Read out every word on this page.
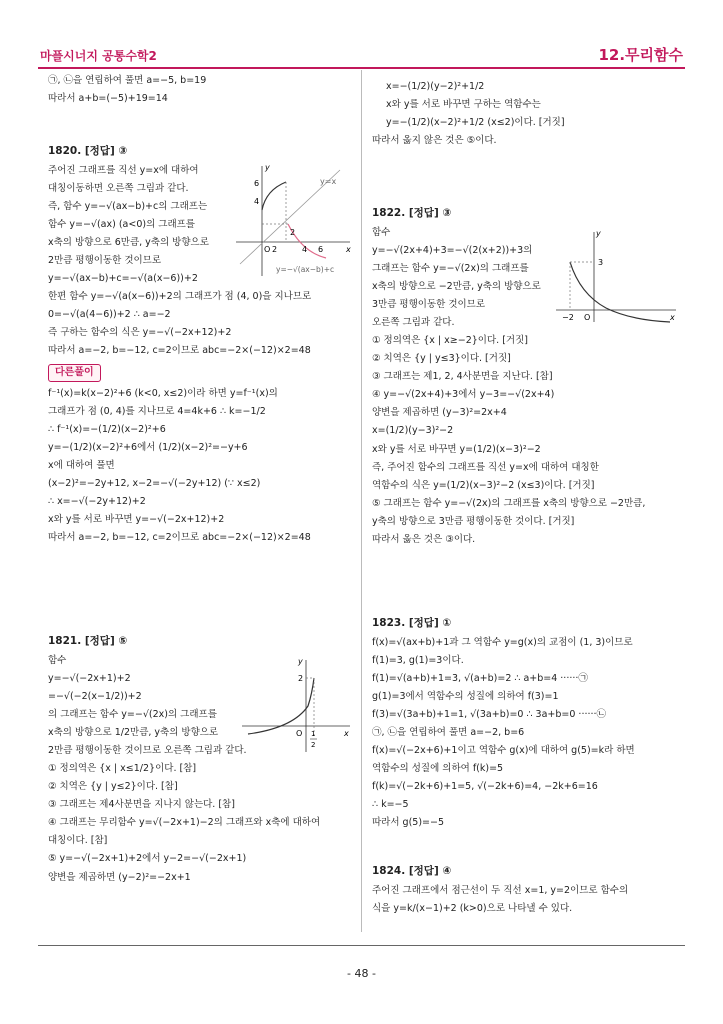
마플시너지 공통수학2	12.무리함수
㉠, ㉡을 연립하여 풀면 a=−5, b=19
따라서 a+b=(−5)+19=14
1820. [정답] ③
주어진 그래프를 직선 y=x에 대하여
대칭이동하면 오른쪽 그림과 같다.
즉, 함수 y=−√(ax−b)+c의 그래프는
함수 y=−√(ax) (a<0)의 그래프를
x축의 방향으로 6만큼, y축의 방향으로
2만큼 평행이동한 것이므로
y=−√(ax−b)+c=−√(a(x−6))+2
한편 함수 y=−√(a(x−6))+2의 그래프가 점 (4, 0)을 지나므로
0=−√(a(4−6))+2 ∴ a=−2
즉 구하는 함수의 식은 y=−√(−2x+12)+2
따라서 a=−2, b=−12, c=2이므로 abc=−2×(−12)×2=48
다른풀이
f⁻¹(x)=k(x−2)²+6 (k<0, x≤2)이라 하면 y=f⁻¹(x)의
그래프가 점 (0, 4)를 지나므로 4=4k+6 ∴ k=−1/2
∴ f⁻¹(x)=−(1/2)(x−2)²+6
y=−(1/2)(x−2)²+6에서 (1/2)(x−2)²=−y+6
x에 대하여 풀면
(x−2)²=−2y+12, x−2=−√(−2y+12) (∵ x≤2)
∴ x=−√(−2y+12)+2
x와 y를 서로 바꾸면 y=−√(−2x+12)+2
따라서 a=−2, b=−12, c=2이므로 abc=−2×(−12)×2=48
y
x
y=x
y=−√(ax−b)+c
6
4
2
2	4 6
O
1821. [정답] ⑤
함수
y=−√(−2x+1)+2
=−√(−2(x−1/2))+2
의 그래프는 함수 y=−√(2x)의 그래프를
x축의 방향으로 1/2만큼, y축의 방향으로
2만큼 평행이동한 것이므로 오른쪽 그림과 같다.
① 정의역은 {x | x≤1/2}이다. [참]
② 치역은 {y | y≤2}이다. [참]
③ 그래프는 제4사분면을 지나지 않는다. [참]
④ 그래프는 무리함수 y=√(−2x+1)−2의 그래프와 x축에 대하여
대칭이다. [참]
⑤ y=−√(−2x+1)+2에서 y−2=−√(−2x+1)
양변을 제곱하면 (y−2)²=−2x+1
y
x
2
O 1
2
x=−(1/2)(y−2)²+1/2
x와 y를 서로 바꾸면 구하는 역함수는
y=−(1/2)(x−2)²+1/2 (x≤2)이다. [거짓]
따라서 옳지 않은 것은 ⑤이다.
1822. [정답] ③
함수
y=−√(2x+4)+3=−√(2(x+2))+3의
그래프는 함수 y=−√(2x)의 그래프를
x축의 방향으로 −2만큼, y축의 방향으로
3만큼 평행이동한 것이므로
오른쪽 그림과 같다.
① 정의역은 {x | x≥−2}이다. [거짓]
② 치역은 {y | y≤3}이다. [거짓]
③ 그래프는 제1, 2, 4사분면을 지난다. [참]
④ y=−√(2x+4)+3에서 y−3=−√(2x+4)
양변을 제곱하면 (y−3)²=2x+4
x=(1/2)(y−3)²−2
x와 y를 서로 바꾸면 y=(1/2)(x−3)²−2
즉, 주어진 함수의 그래프를 직선 y=x에 대하여 대칭한
역함수의 식은 y=(1/2)(x−3)²−2 (x≤3)이다. [거짓]
⑤ 그래프는 함수 y=−√(2x)의 그래프를 x축의 방향으로 −2만큼,
y축의 방향으로 3만큼 평행이동한 것이다. [거짓]
따라서 옳은 것은 ③이다.
y
x
3
−2 O
1823. [정답] ①
f(x)=√(ax+b)+1과 그 역함수 y=g(x)의 교점이 (1, 3)이므로
f(1)=3, g(1)=3이다.
f(1)=√(a+b)+1=3, √(a+b)=2 ∴ a+b=4 ······㉠
g(1)=3에서 역함수의 성질에 의하여 f(3)=1
f(3)=√(3a+b)+1=1, √(3a+b)=0 ∴ 3a+b=0 ······㉡
㉠, ㉡을 연립하여 풀면 a=−2, b=6
f(x)=√(−2x+6)+1이고 역함수 g(x)에 대하여 g(5)=k라 하면
역함수의 성질에 의하여 f(k)=5
f(k)=√(−2k+6)+1=5, √(−2k+6)=4, −2k+6=16
∴ k=−5
따라서 g(5)=−5
1824. [정답] ④
주어진 그래프에서 점근선이 두 직선 x=1, y=2이므로 함수의
식을 y=k/(x−1)+2 (k>0)으로 나타낼 수 있다.
- 48 -
